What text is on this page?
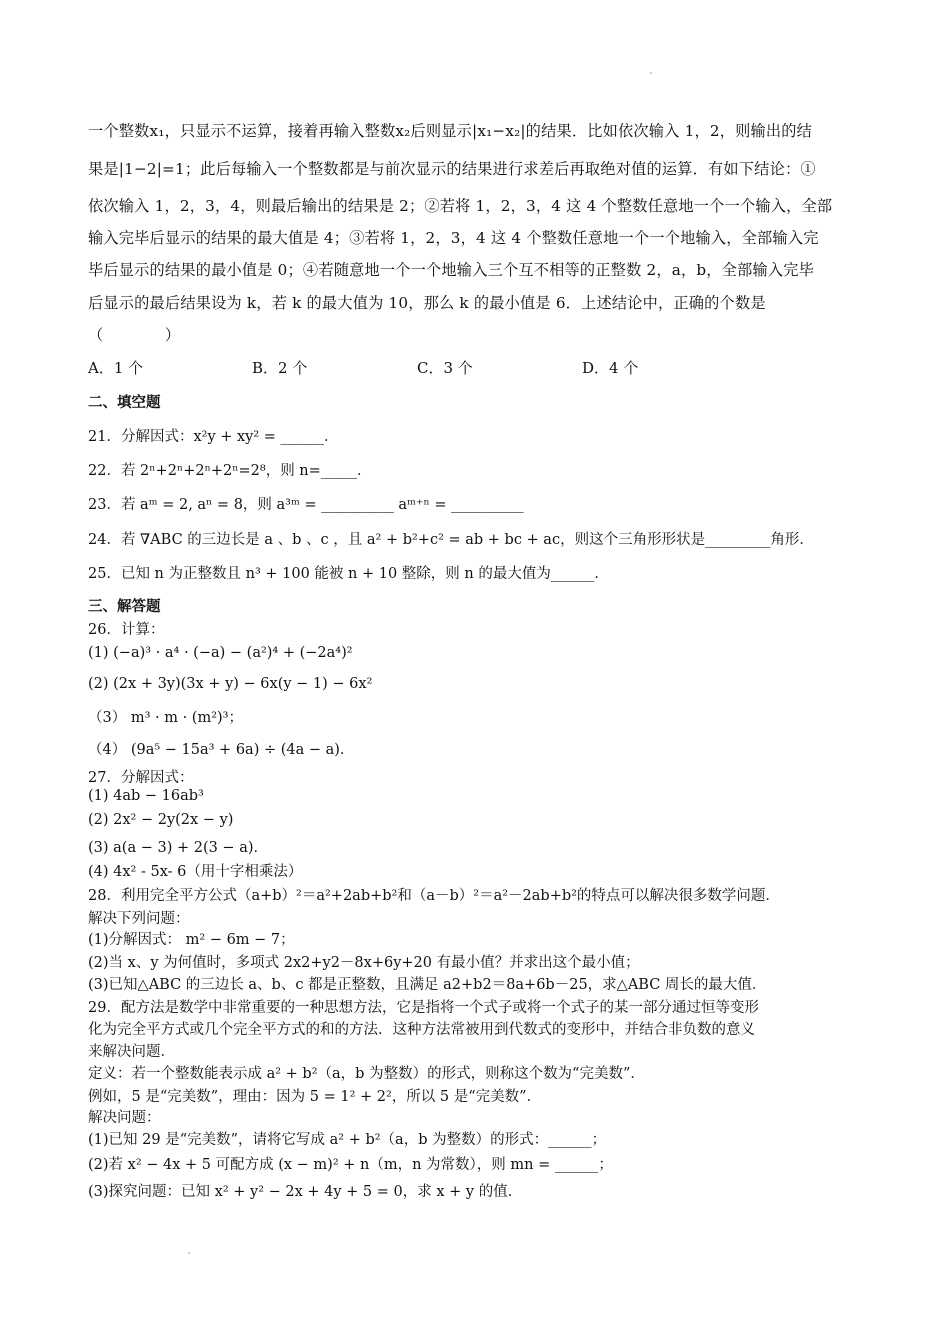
一个整数x₁，只显示不运算，接着再输入整数x₂后则显示|x₁−x₂|的结果．比如依次输入 1，2，则输出的结
果是|1−2|=1；此后每输入一个整数都是与前次显示的结果进行求差后再取绝对值的运算．有如下结论：①
依次输入 1，2，3，4，则最后输出的结果是 2；②若将 1，2，3，4 这 4 个整数任意地一个一个输入，全部
输入完毕后显示的结果的最大值是 4；③若将 1，2，3，4 这 4 个整数任意地一个一个地输入，全部输入完
毕后显示的结果的最小值是 0；④若随意地一个一个地输入三个互不相等的正整数 2，a，b，全部输入完毕
后显示的最后结果设为 k，若 k 的最大值为 10，那么 k 的最小值是 6．上述结论中，正确的个数是
（　　　　）
A．1 个	B．2 个	C．3 个	D．4 个
二、填空题
21．分解因式：x²y + xy² = ______．
22．若 2ⁿ+2ⁿ+2ⁿ+2ⁿ=2⁸，则 n=_____．
23．若 aᵐ = 2, aⁿ = 8，则 a³ᵐ = __________ aᵐ⁺ⁿ = __________
24．若 ∇ABC 的三边长是 a 、b 、c ，且 a² + b²+c² = ab + bc + ac，则这个三角形形状是_________角形．
25．已知 n 为正整数且 n³ + 100 能被 n + 10 整除，则 n 的最大值为______．
三、解答题
26．计算：
(1) (−a)³ · a⁴ · (−a) − (a²)⁴ + (−2a⁴)²
(2) (2x + 3y)(3x + y) − 6x(y − 1) − 6x²
（3） m³ · m · (m²)³；
（4） (9a⁵ − 15a³ + 6a) ÷ (4a − a)．
27．分解因式：
(1) 4ab − 16ab³
(2) 2x² − 2y(2x − y)
(3) a(a − 3) + 2(3 − a)．
(4) 4x² - 5x- 6（用十字相乘法）
28．利用完全平方公式（a+b）²＝a²+2ab+b²和（a－b）²＝a²－2ab+b²的特点可以解决很多数学问题．
解决下列问题：
(1)分解因式： m² − 6m − 7；
(2)当 x、y 为何值时，多项式 2x2+y2－8x+6y+20 有最小值？并求出这个最小值；
(3)已知△ABC 的三边长 a、b、c 都是正整数，且满足 a2+b2＝8a+6b－25，求△ABC 周长的最大值．
29．配方法是数学中非常重要的一种思想方法，它是指将一个式子或将一个式子的某一部分通过恒等变形
化为完全平方式或几个完全平方式的和的方法．这种方法常被用到代数式的变形中，并结合非负数的意义
来解决问题．
定义：若一个整数能表示成 a² + b²（a，b 为整数）的形式，则称这个数为“完美数”．
例如，5 是“完美数”，理由：因为 5 = 1² + 2²，所以 5 是“完美数”．
解决问题：
(1)已知 29 是“完美数”，请将它写成 a² + b²（a，b 为整数）的形式：______；
(2)若 x² − 4x + 5 可配方成 (x − m)² + n（m，n 为常数），则 mn = ______；
(3)探究问题：已知 x² + y² − 2x + 4y + 5 = 0，求 x + y 的值．
